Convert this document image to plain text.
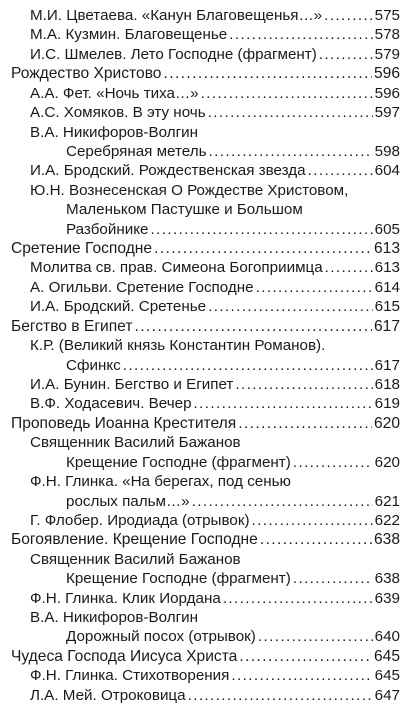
М.И. Цветаева. «Канун Благовещенья…» .....	575
М.А. Кузмин. Благовещенье .....	578
И.С. Шмелев. Лето Господне (фрагмент) .....	579
Рождество Христово .....	596
А.А. Фет. «Ночь тиха…» .....	596
А.С. Хомяков. В эту ночь .....	597
В.А. Никифоров-Волгин
Серебряная метель .....	598
И.А. Бродский. Рождественская звезда .....	604
Ю.Н. Вознесенская О Рождестве Христовом,
Маленьком Пастушке и Большом
Разбойнике .....	605
Сретение Господне .....	613
Молитва св. прав. Симеона Богоприимца .....	613
А. Огильви. Сретение Господне .....	614
И.А. Бродский. Сретенье .....	615
Бегство в Египет .....	617
К.Р. (Великий князь Константин Романов).
Сфинкс .....	617
И.А. Бунин. Бегство и Египет .....	618
В.Ф. Ходасевич. Вечер .....	619
Проповедь Иоанна Крестителя .....	620
Священник Василий Бажанов
Крещение Господне (фрагмент) .....	620
Ф.Н. Глинка. «На берегах, под сенью
рослых пальм…» .....	621
Г. Флобер. Иродиада (отрывок) .....	622
Богоявление. Крещение Господне .....	638
Священник Василий Бажанов
Крещение Господне (фрагмент) .....	638
Ф.Н. Глинка. Клик Иордана .....	639
В.А. Никифоров-Волгин
Дорожный посох (отрывок) .....	640
Чудеса Господа Иисуса Христа .....	645
Ф.Н. Глинка. Стихотворения .....	645
Л.А. Мей. Отроковица .....	647
